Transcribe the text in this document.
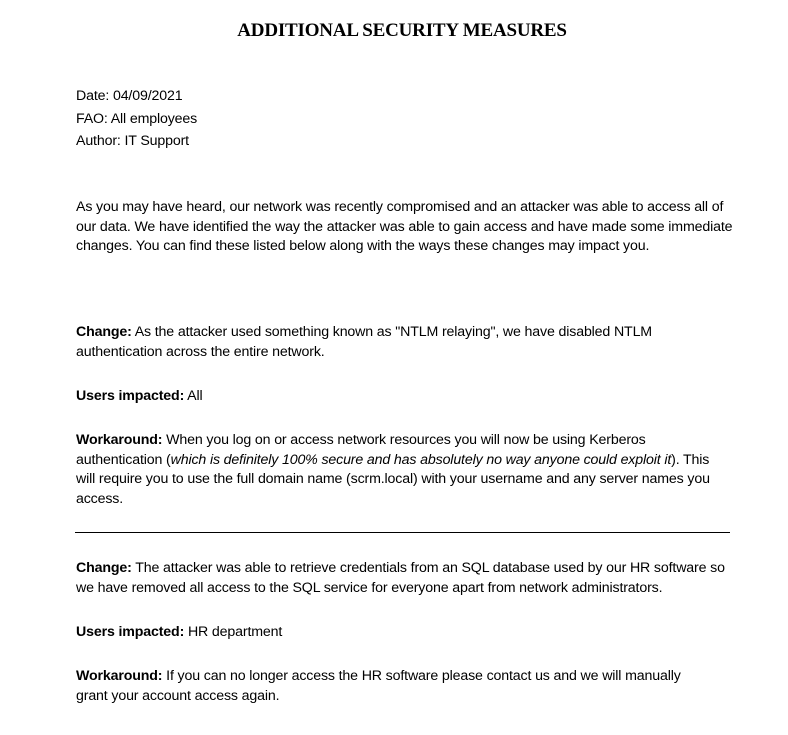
ADDITIONAL SECURITY MEASURES
Date: 04/09/2021
FAO: All employees
Author: IT Support
As you may have heard, our network was recently compromised and an attacker was able to access all of our data. We have identified the way the attacker was able to gain access and have made some immediate changes. You can find these listed below along with the ways these changes may impact you.
Change: As the attacker used something known as "NTLM relaying", we have disabled NTLM authentication across the entire network.
Users impacted: All
Workaround: When you log on or access network resources you will now be using Kerberos authentication (which is definitely 100% secure and has absolutely no way anyone could exploit it). This will require you to use the full domain name (scrm.local) with your username and any server names you access.
Change: The attacker was able to retrieve credentials from an SQL database used by our HR software so we have removed all access to the SQL service for everyone apart from network administrators.
Users impacted: HR department
Workaround: If you can no longer access the HR software please contact us and we will manually grant your account access again.
